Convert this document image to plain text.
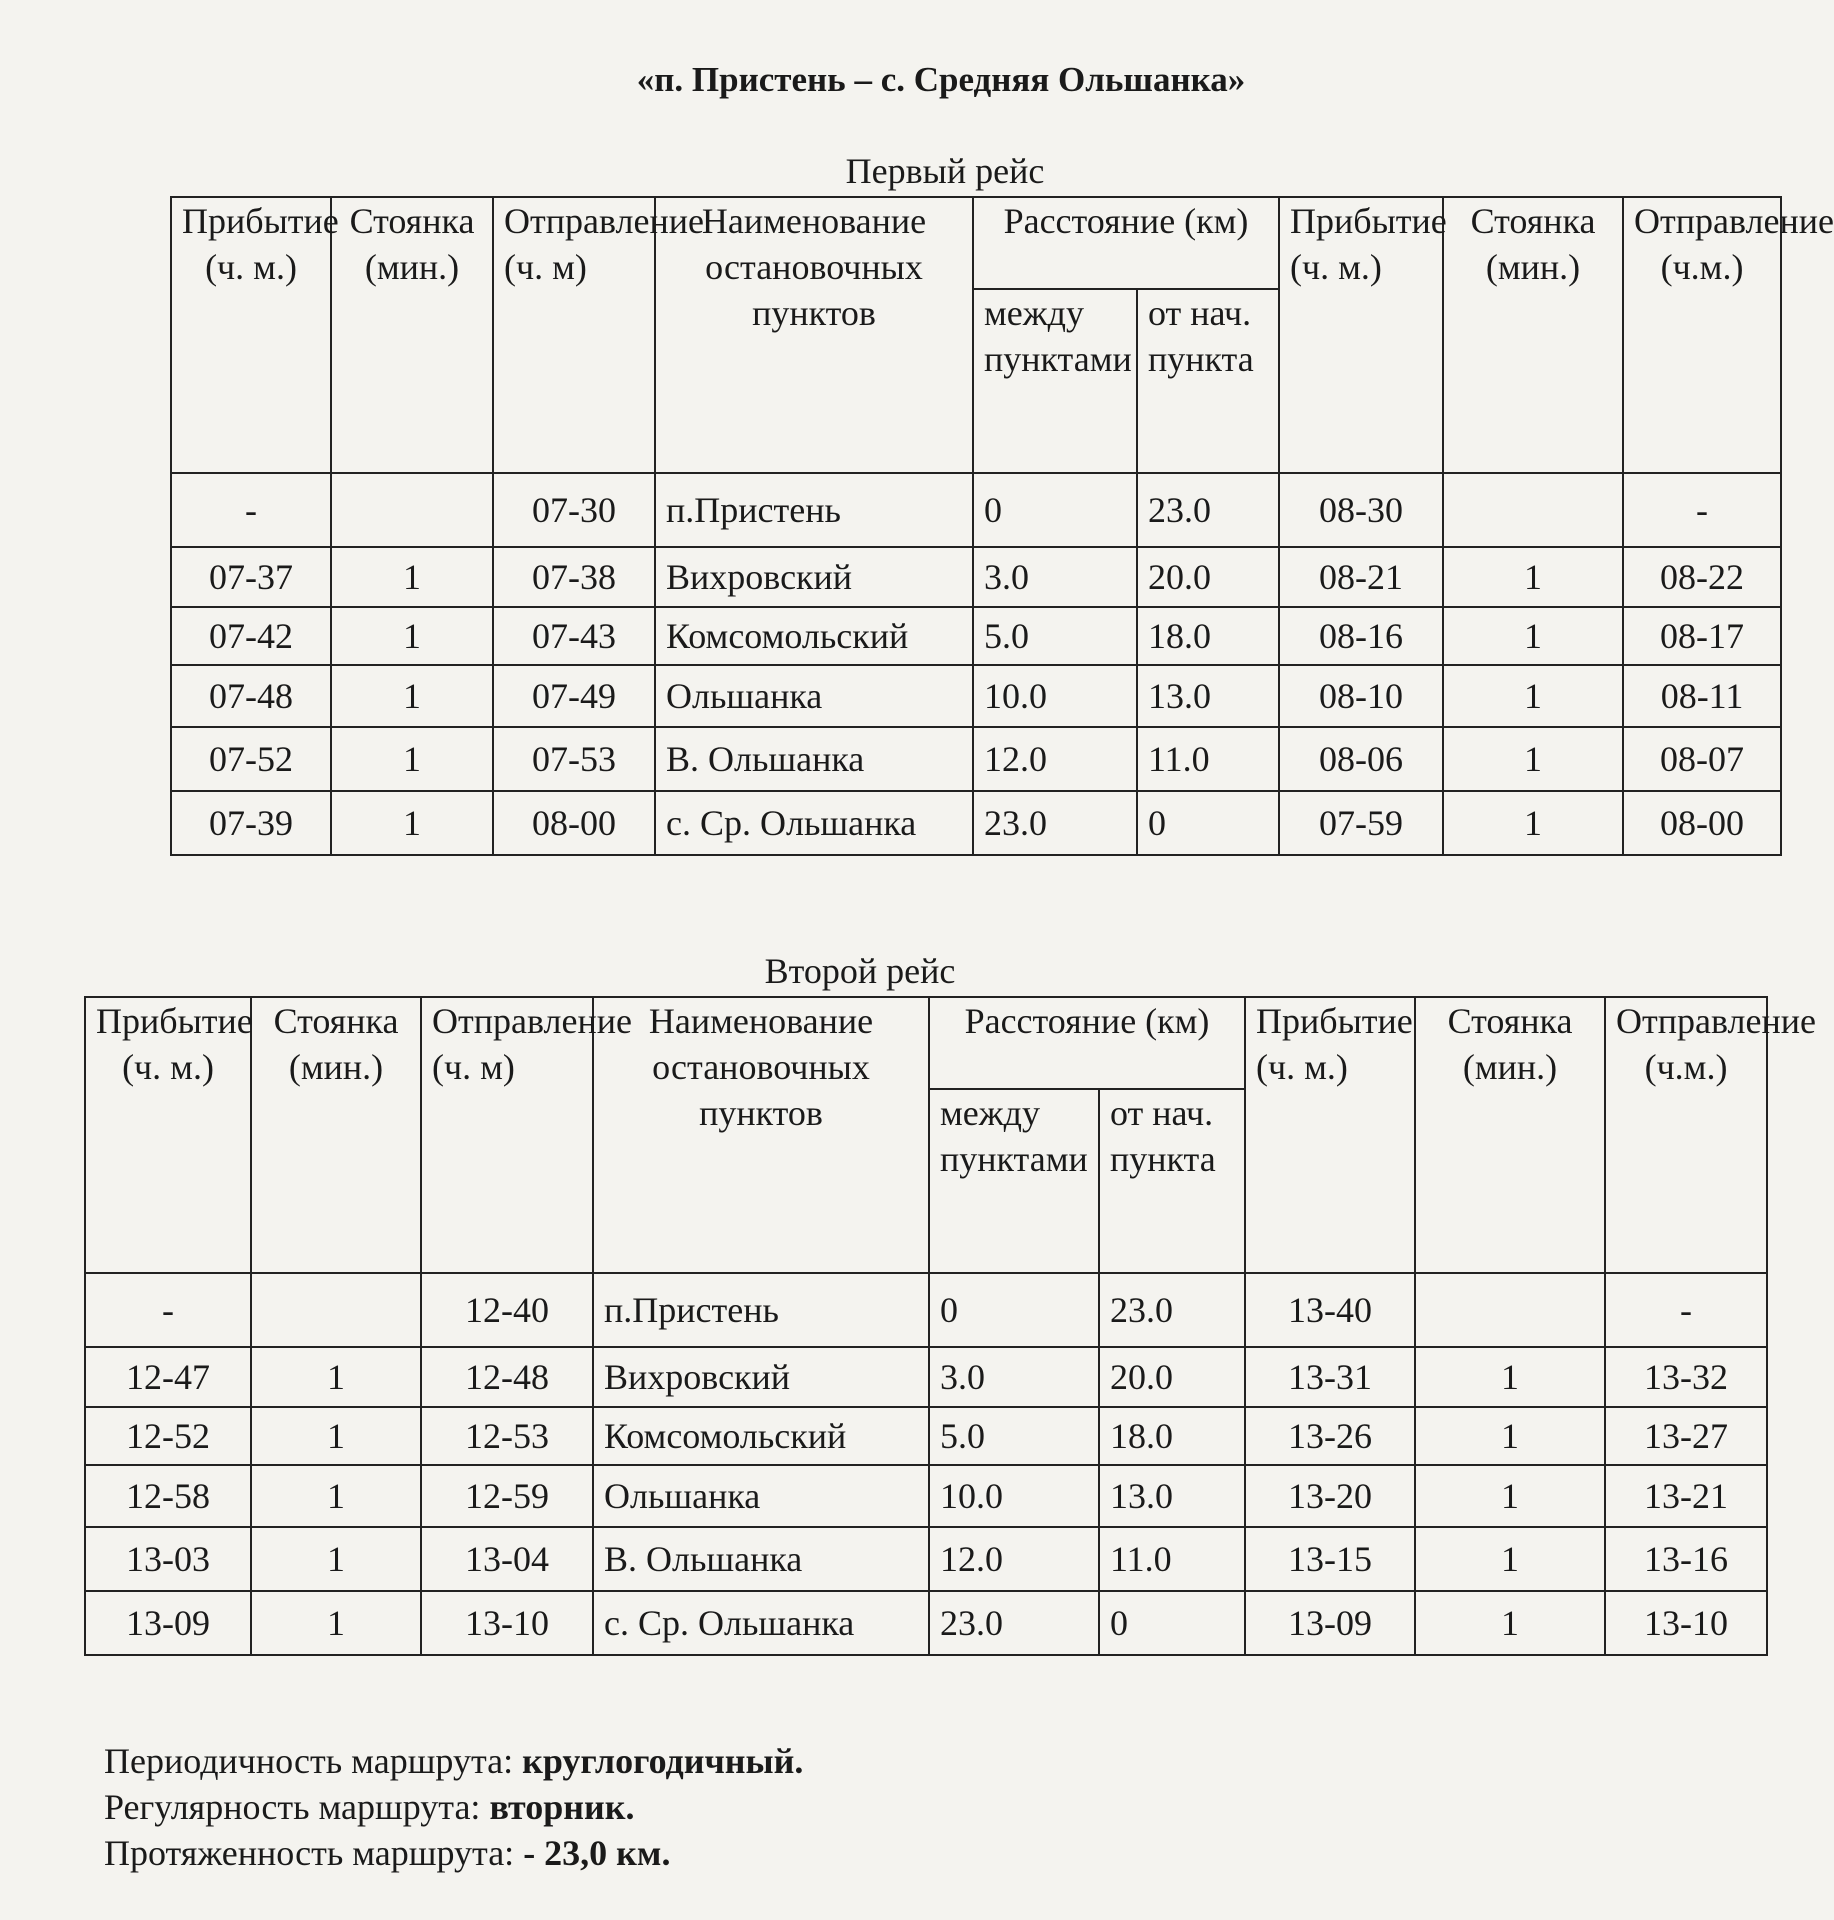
«п. Пристень – с. Средняя Ольшанка»
Первый рейс
Прибытие (ч. м.)	Стоянка (мин.)	Отправление (ч. м)	Наименование остановочных пунктов	Расстояние (км)		Прибытие (ч. м.)	Стоянка (мин.)	Отправление (ч.м.)
				между пунктами	от нач. пункта			
-		07-30	п.Пристень	0	23.0	08-30		-
07-37	1	07-38	Вихровский	3.0	20.0	08-21	1	08-22
07-42	1	07-43	Комсомольский	5.0	18.0	08-16	1	08-17
07-48	1	07-49	Ольшанка	10.0	13.0	08-10	1	08-11
07-52	1	07-53	В. Ольшанка	12.0	11.0	08-06	1	08-07
07-39	1	08-00	с. Ср. Ольшанка	23.0	0	07-59	1	08-00
Второй рейс
Прибытие (ч. м.)	Стоянка (мин.)	Отправление (ч. м)	Наименование остановочных пунктов	Расстояние (км)		Прибытие (ч. м.)	Стоянка (мин.)	Отправление (ч.м.)
				между пунктами	от нач. пункта			
-		12-40	п.Пристень	0	23.0	13-40		-
12-47	1	12-48	Вихровский	3.0	20.0	13-31	1	13-32
12-52	1	12-53	Комсомольский	5.0	18.0	13-26	1	13-27
12-58	1	12-59	Ольшанка	10.0	13.0	13-20	1	13-21
13-03	1	13-04	В. Ольшанка	12.0	11.0	13-15	1	13-16
13-09	1	13-10	с. Ср. Ольшанка	23.0	0	13-09	1	13-10
Периодичность маршрута: круглогодичный.
Регулярность маршрута: вторник.
Протяженность маршрута: - 23,0 км.
